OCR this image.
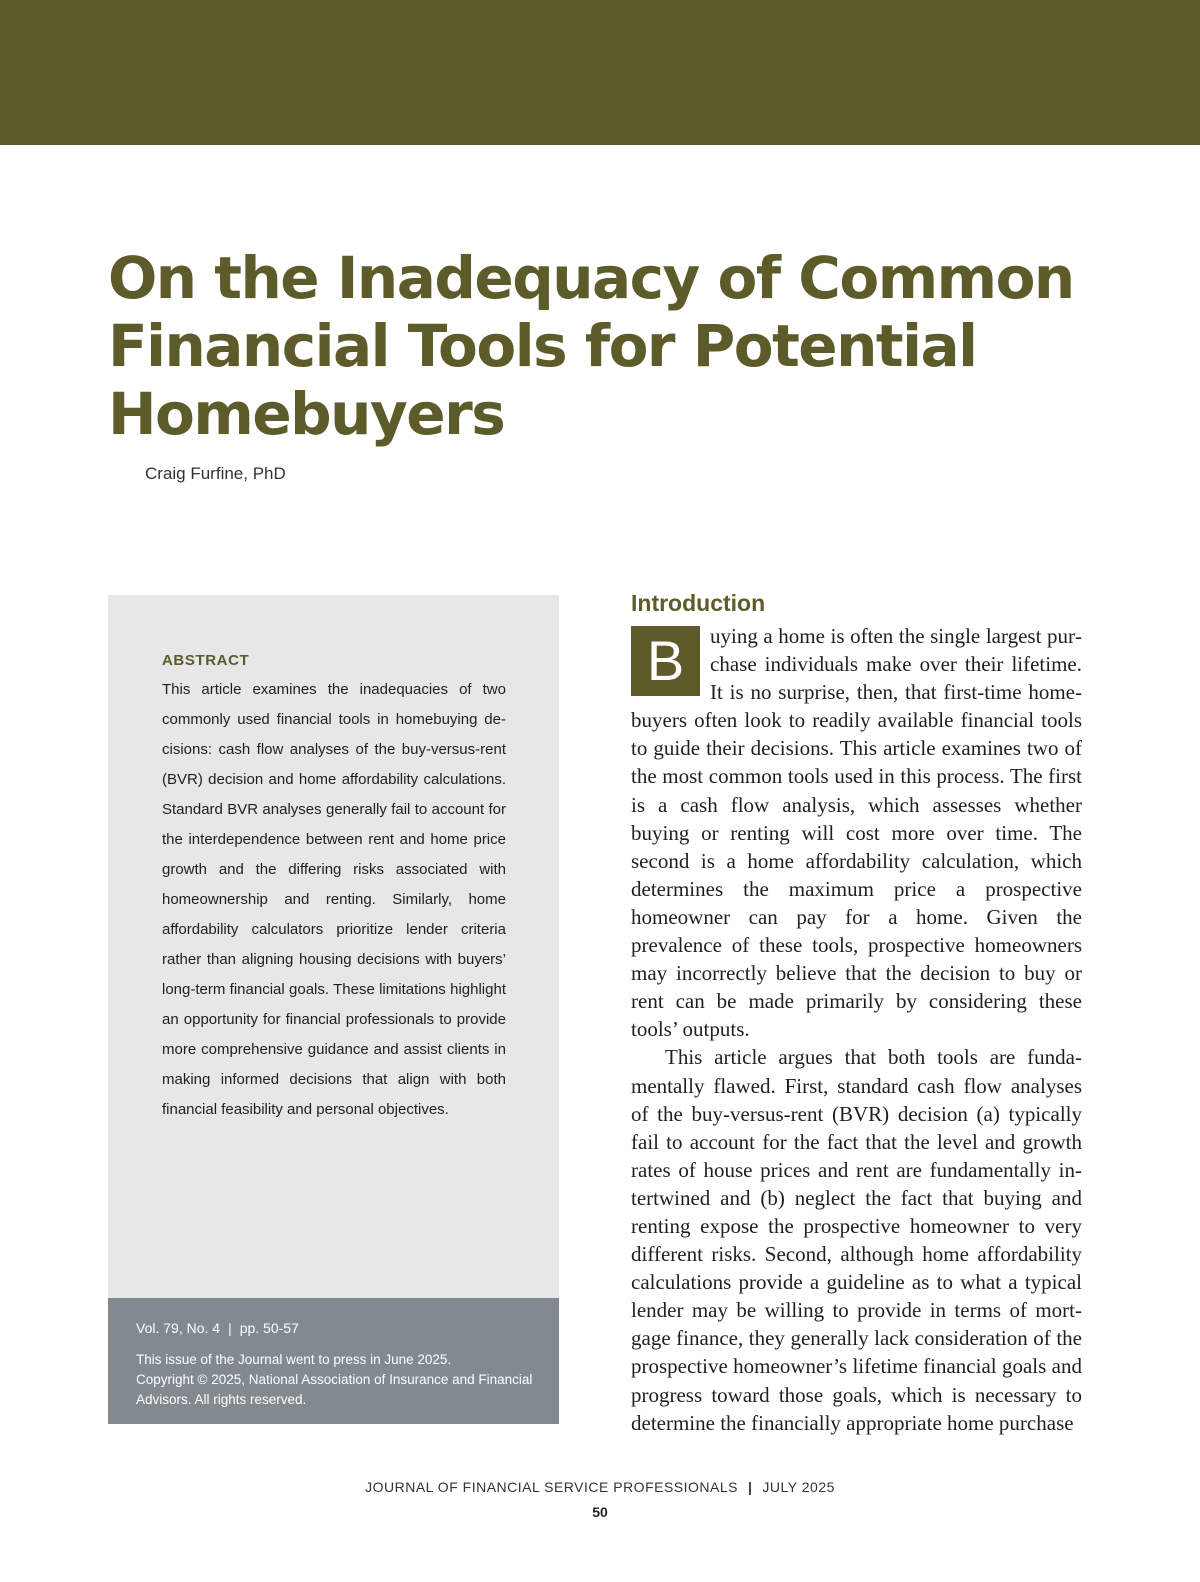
On the Inadequacy of Common Financial Tools for Potential Homebuyers
Craig Furfine, PhD
ABSTRACT

This article examines the inadequacies of two commonly used financial tools in homebuying decisions: cash flow analyses of the buy-versus-rent (BVR) decision and home affordability calculations. Standard BVR analyses generally fail to account for the interdependence between rent and home price growth and the differing risks associated with homeownership and renting. Similarly, home affordability calculators prioritize lender criteria rather than aligning housing decisions with buyers’ long-term financial goals. These limitations highlight an opportunity for financial professionals to provide more comprehensive guidance and assist clients in making informed decisions that align with both financial feasibility and personal objectives.

Vol. 79, No. 4 | pp. 50-57
This issue of the Journal went to press in June 2025.
Copyright © 2025, National Association of Insurance and Financial Advisors. All rights reserved.
Introduction

B	uying a home is often the single largest purchase individuals make over their lifetime. It is no surprise, then, that first-time homebuyers often look to readily available financial tools to guide their decisions. This article examines two of the most common tools used in this process. The first is a cash flow analysis, which assesses whether buying or renting will cost more over time. The second is a home affordability calculation, which determines the maximum price a prospective homeowner can pay for a home. Given the prevalence of these tools, prospective homeowners may incorrectly believe that the decision to buy or rent can be made primarily by considering these tools’ outputs.

This article argues that both tools are fundamentally flawed. First, standard cash flow analyses of the buy-versus-rent (BVR) decision (a) typically fail to account for the fact that the level and growth rates of house prices and rent are fundamentally intertwined and (b) neglect the fact that buying and renting expose the prospective homeowner to very different risks. Second, although home affordability calculations provide a guideline as to what a typical lender may be willing to provide in terms of mortgage finance, they generally lack consideration of the prospective homeowner’s lifetime financial goals and progress toward those goals, which is necessary to determine the financially appropriate home purchase

JOURNAL OF FINANCIAL SERVICE PROFESSIONALS | JULY 2025
50
